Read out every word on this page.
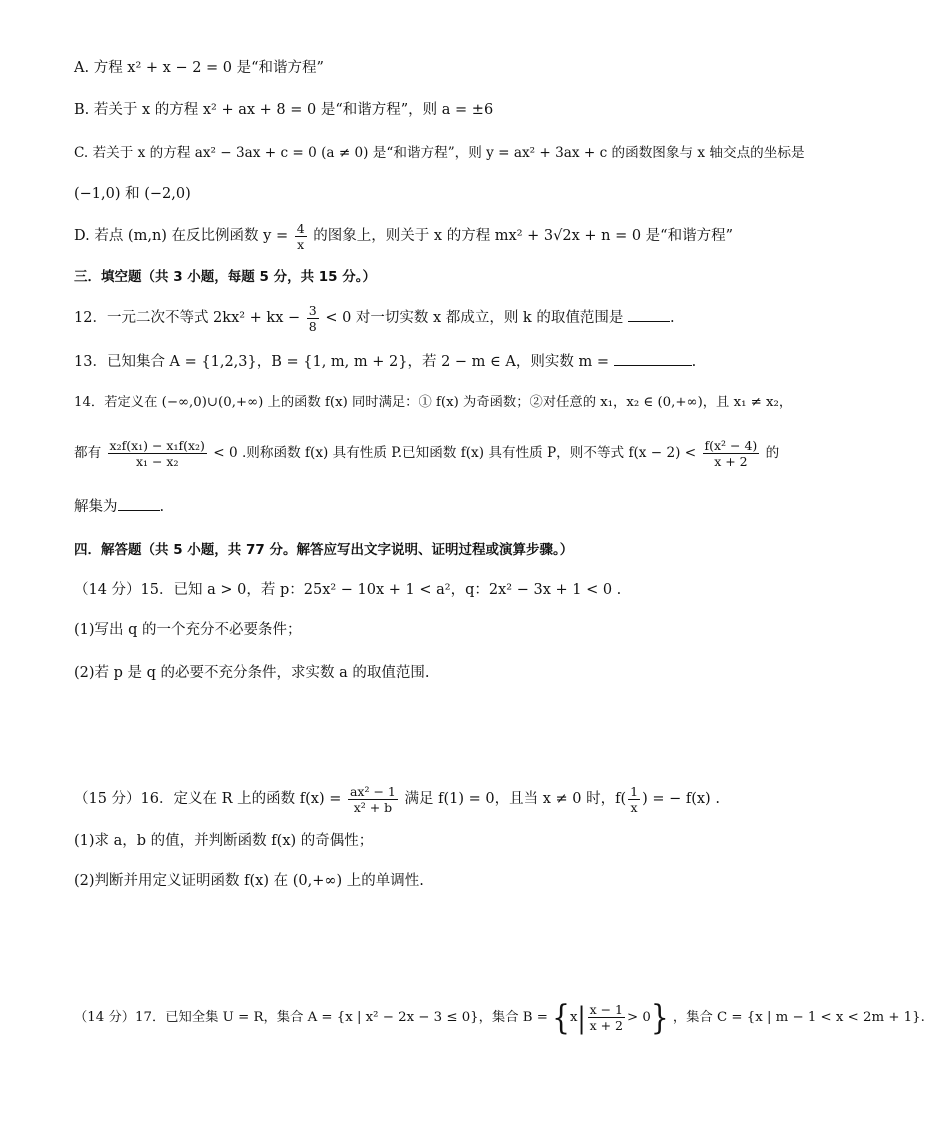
A. 方程 x² + x − 2 = 0 是“和谐方程”
B. 若关于 x 的方程 x² + ax + 8 = 0 是“和谐方程”，则 a = ±6
C. 若关于 x 的方程 ax² − 3ax + c = 0 (a ≠ 0) 是“和谐方程”，则 y = ax² + 3ax + c 的函数图象与 x 轴交点的坐标是
(−1,0) 和 (−2,0)
D. 若点 (m,n) 在反比例函数 $y = \frac{4}{x}$ 的图象上，则关于 x 的方程 mx² + 3√2x + n = 0 是“和谐方程”
三．填空题（共 3 小题，每题 5 分，共 15 分。）
12．一元二次不等式 2kx² + kx − $\frac{3}{8} < 0$ 对一切实数 x 都成立，则 k 的取值范围是	.
13．已知集合 A = {1,2,3}，B = {1, m, m + 2}，若 2 − m ∈ A，则实数 m =	.
14．若定义在 (−∞,0)∪(0,+∞) 上的函数 f(x) 同时满足：① f(x) 为奇函数；②对任意的 x₁，x₂ ∈ (0,+∞)，且 x₁ ≠ x₂，
都有 $\frac{\text{x₂f(x₁) − x₁f(x₂)}}{\text{x₁ − x₂}} < 0$ .则称函数 f(x) 具有性质 P.已知函数 f(x) 具有性质 P，则不等式 $f(x - 2) < \frac{\text{f(x² − 4)}}{x + 2}$ 的
解集为	.
四．解答题（共 5 小题，共 77 分。解答应写出文字说明、证明过程或演算步骤。）
（14 分）15．已知 a > 0，若 p：25x² − 10x + 1 < a²，q：2x² − 3x + 1 < 0 .
(1)写出 q 的一个充分不必要条件；
(2)若 p 是 q 的必要不充分条件，求实数 a 的取值范围.
（15 分）16．定义在 R 上的函数 $f(x) = \frac{\text{ax² − 1}}{\text{x² + b}}$ 满足 f(1) = 0，且当 x ≠ 0 时，$f( \frac{1}{x}$ ) = − f(x) .
(1)求 a，b 的值，并判断函数 f(x) 的奇偶性；
(2)判断并用定义证明函数 f(x) 在 (0,+∞) 上的单调性.
（14 分）17．已知全集 U = R，集合 A = {x | x² − 2x − 3 ≤ 0}，集合 $B = \{x| \frac{x - 1}{x + 2} > 0\}$ ，集合 C = {x | m − 1 < x < 2m + 1}.
